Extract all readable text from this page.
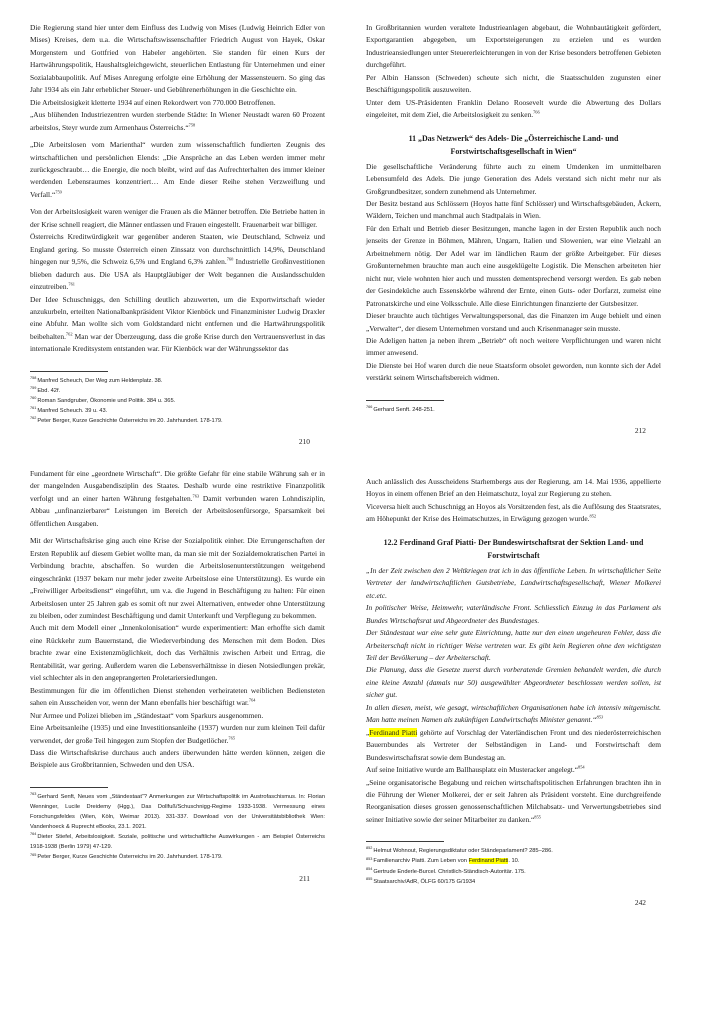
Die Regierung stand hier unter dem Einfluss des Ludwig von Mises (Ludwig Heinrich Edler von Mises) Kreises, dem u.a. die Wirtschaftswissenschaftler Friedrich August von Hayek, Oskar Morgenstern und Gottfried von Habeler angehörten. Sie standen für einen Kurs der Hartwährungspolitik, Haushaltsgleichgewicht, steuerlichen Entlastung für Unternehmen und einer Sozialabbaupolitik. Auf Mises Anregung erfolgte eine Erhöhung der Massensteuern. So ging das Jahr 1934 als ein Jahr erheblicher Steuer- und Gebührenerhöhungen in die Geschichte ein.
Die Arbeitslosigkeit kletterte 1934 auf einen Rekordwert von 770.000 Betroffenen.
„Aus blühenden Industriezentren wurden sterbende Städte: In Wiener Neustadt waren 60 Prozent arbeitslos, Steyr wurde zum Armenhaus Österreichs.“$^{758}$
„Die Arbeitslosen vom Marienthal“ wurden zum wissenschaftlich fundierten Zeugnis des wirtschaftlichen und persönlichen Elends: „Die Ansprüche an das Leben werden immer mehr zurückgeschraubt… die Energie, die noch bleibt, wird auf das Aufrechterhalten des immer kleiner werdenden Lebensraumes konzentriert… Am Ende dieser Reihe stehen Verzweiflung und Verfall.“$^{759}$
Von der Arbeitslosigkeit waren weniger die Frauen als die Männer betroffen. Die Betriebe hatten in der Krise schnell reagiert, die Männer entlassen und Frauen eingestellt. Frauenarbeit war billiger.
Österreichs Kreditwürdigkeit war gegenüber anderen Staaten, wie Deutschland, Schweiz und England gering. So musste Österreich einen Zinssatz von durchschnittlich 14,9%, Deutschland hingegen nur 9,5%, die Schweiz 6,5% und England 6,3% zahlen.$^{760}$ Industrielle Großinvestitionen blieben dadurch aus. Die USA als Hauptgläubiger der Welt begannen die Auslandsschulden einzutreiben.$^{761}$
Der Idee Schuschniggs, den Schilling deutlich abzuwerten, um die Exportwirtschaft wieder anzukurbeln, erteilten Nationalbankpräsident Viktor Kienböck und Finanzminister Ludwig Draxler eine Abfuhr. Man wollte sich vom Goldstandard nicht entfernen und die Hartwährungspolitik beibehalten.$^{762}$ Man war der Überzeugung, dass die große Krise durch den Vertrauensverlust in das internationale Kreditsystem entstanden war. Für Kienböck war der Währungssektor das
$^{758}$Manfred Scheuch, Der Weg zum Heldenplatz. 38.
$^{759}$Ebd. 42f.
$^{760}$Roman Sandgruber, Ökonomie und Politik. 384 u. 365.
$^{761}$Manfred Scheuch. 39 u. 43.
$^{762}$Peter Berger, Kurze Geschichte Österreichs im 20. Jahrhundert. 178-179.
210
In Großbritannien wurden veraltete Industrieanlagen abgebaut, die Wohnbautätigkeit gefördert, Exportgarantien abgegeben, um Exportsteigerungen zu erzielen und es wurden Industrieansiedlungen unter Steuererleichterungen in von der Krise besonders betroffenen Gebieten durchgeführt.
Per Albin Hansson (Schweden) scheute sich nicht, die Staatsschulden zugunsten einer Beschäftigungspolitik auszuweiten.
Unter dem US-Präsidenten Franklin Delano Roosevelt wurde die Abwertung des Dollars eingeleitet, mit dem Ziel, die Arbeitslosigkeit zu senken.$^{766}$
11 „Das Netzwerk“ des Adels- Die „Österreichische Land- und Forstwirtschaftsgesellschaft in Wien“
Die gesellschaftliche Veränderung führte auch zu einem Umdenken im unmittelbaren Lebensumfeld des Adels. Die junge Generation des Adels verstand sich nicht mehr nur als Großgrundbesitzer, sondern zunehmend als Unternehmer.
Der Besitz bestand aus Schlössern (Hoyos hatte fünf Schlösser) und Wirtschaftsgebäuden, Äckern, Wäldern, Teichen und manchmal auch Stadtpalais in Wien.
Für den Erhalt und Betrieb dieser Besitzungen, manche lagen in der Ersten Republik auch noch jenseits der Grenze in Böhmen, Mähren, Ungarn, Italien und Slowenien, war eine Vielzahl an Arbeitnehmern nötig. Der Adel war im ländlichen Raum der größte Arbeitgeber. Für dieses Großunternehmen brauchte man auch eine ausgeklügelte Logistik. Die Menschen arbeiteten hier nicht nur, viele wohnten hier auch und mussten dementsprechend versorgt werden. Es gab neben der Gesindeküche auch Essenskörbe während der Ernte, einen Guts- oder Dorfarzt, zumeist eine Patronatskirche und eine Volksschule. Alle diese Einrichtungen finanzierte der Gutsbesitzer.
Dieser brauchte auch tüchtiges Verwaltungspersonal, das die Finanzen im Auge behielt und einen „Verwalter“, der diesem Unternehmen vorstand und auch Krisenmanager sein musste.
Die Adeligen hatten ja neben ihrem „Betrieb“ oft noch weitere Verpflichtungen und waren nicht immer anwesend.
Die Dienste bei Hof waren durch die neue Staatsform obsolet geworden, nun konnte sich der Adel verstärkt seinem Wirtschaftsbereich widmen.
$^{766}$Gerhard Senft. 248-251.
212
Fundament für eine „geordnete Wirtschaft“. Die größte Gefahr für eine stabile Währung sah er in der mangelnden Ausgabendisziplin des Staates. Deshalb wurde eine restriktive Finanzpolitik verfolgt und an einer harten Währung festgehalten.$^{763}$ Damit verbunden waren Lohndisziplin, Abbau „unfinanzierbarer“ Leistungen im Bereich der Arbeitslosenfürsorge, Sparsamkeit bei öffentlichen Ausgaben.
Mit der Wirtschaftskrise ging auch eine Krise der Sozialpolitik einher. Die Errungenschaften der Ersten Republik auf diesem Gebiet wollte man, da man sie mit der Sozialdemokratischen Partei in Verbindung brachte, abschaffen. So wurden die Arbeitslosenunterstützungen weitgehend eingeschränkt (1937 bekam nur mehr jeder zweite Arbeitslose eine Unterstützung). Es wurde ein „Freiwilliger Arbeitsdienst“ eingeführt, um v.a. die Jugend in Beschäftigung zu halten: Für einen Arbeitslosen unter 25 Jahren gab es somit oft nur zwei Alternativen, entweder ohne Unterstützung zu bleiben, oder zumindest Beschäftigung und damit Unterkunft und Verpflegung zu bekommen.
Auch mit dem Modell einer „Innenkolonisation“ wurde experimentiert: Man erhoffte sich damit eine Rückkehr zum Bauernstand, die Wiederverbindung des Menschen mit dem Boden. Dies brachte zwar eine Existenzmöglichkeit, doch das Verhältnis zwischen Arbeit und Ertrag, die Rentabilität, war gering. Außerdem waren die Lebensverhältnisse in diesen Notsiedlungen prekär, viel schlechter als in den angeprangerten Proletariersiedlungen.
Bestimmungen für die im öffentlichen Dienst stehenden verheirateten weiblichen Bediensteten sahen ein Ausscheiden vor, wenn der Mann ebenfalls hier beschäftigt war.$^{764}$
Nur Armee und Polizei blieben im „Ständestaat“ vom Sparkurs ausgenommen.
Eine Arbeitsanleihe (1935) und eine Investitionsanleihe (1937) wurden nur zum kleinen Teil dafür verwendet, der große Teil hingegen zum Stopfen der Budgetlöcher.$^{765}$
Dass die Wirtschaftskrise durchaus auch anders überwunden hätte werden können, zeigen die Beispiele aus Großbritannien, Schweden und den USA.
$^{763}$Gerhard Senft, Neues vom „Ständestaat“? Anmerkungen zur Wirtschaftspolitik im Austrofaschismus. In: Florian Wenninger, Lucile Dreidemy (Hgg.), Das Dollfuß/Schuschnigg-Regime 1933-1938. Vermessung eines Forschungsfeldes (Wien, Köln, Weimar 2013). 331-337. Download von der Universitätsbibliothek Wien: Vandenhoeck & Ruprecht eBooks, 23.1. 2021.
$^{764}$Dieter Stiefel, Arbeitslosigkeit. Soziale, politische und wirtschaftliche Auswirkungen - am Beispiel Österreichs 1918-1938 (Berlin 1979) 47-129.
$^{765}$Peter Berger, Kurze Geschichte Österreichs im 20. Jahrhundert. 178-179.
211
Auch anlässlich des Ausscheidens Starhembergs aus der Regierung, am 14. Mai 1936, appellierte Hoyos in einem offenen Brief an den Heimatschutz, loyal zur Regierung zu stehen.
Viceversa hielt auch Schuschnigg an Hoyos als Vorsitzenden fest, als die Auflösung des Staatsrates, am Höhepunkt der Krise des Heimatschutzes, in Erwägung gezogen wurde.$^{852}$
12.2 Ferdinand Graf Piatti- Der Bundeswirtschaftsrat der Sektion Land- und Forstwirtschaft
„In der Zeit zwischen den 2 Weltkriegen trat ich in das öffentliche Leben. In wirtschaftlicher Seite Vertreter der landwirtschaftlichen Gutsbetriebe, Landwirtschaftsgesellschaft, Wiener Molkerei etc.etc.
In politischer Weise, Heimwehr, vaterländische Front. Schliesslich Einzug in das Parlament als Bundes Wirtschaftsrat und Abgeordneter des Bundestages.
Der Ständestaat war eine sehr gute Einrichtung, hatte nur den einen ungeheuren Fehler, dass die Arbeiterschaft nicht in richtiger Weise vertreten war. Es gibt kein Regieren ohne den wichtigsten Teil der Bevölkerung – der Arbeiterschaft.
Die Planung, dass die Gesetze zuerst durch vorberatende Gremien behandelt werden, die durch eine kleine Anzahl (damals nur 50) ausgewählter Abgeordneter beschlossen werden sollen, ist sicher gut.
In allen diesen, meist, wie gesagt, wirtschaftlichen Organisationen habe ich intensiv mitgemischt. Man hatte meinen Namen als zukünftigen Landwirtschafts Minister genannt.“$^{853}$
„Ferdinand Piatti gehörte auf Vorschlag der Vaterländischen Front und des niederösterreichischen Bauernbundes als Vertreter der Selbständigen in Land- und Forstwirtschaft dem Bundeswirtschaftsrat sowie dem Bundestag an.
Auf seine Initiative wurde am Ballhausplatz ein Musteracker angelegt.“$^{854}$
„Seine organisatorische Begabung und reichen wirtschaftspolitischen Erfahrungen brachten ihn in die Führung der Wiener Molkerei, der er seit Jahren als Präsident vorsteht. Eine durchgreifende Reorganisation dieses grossen genossenschaftlichen Milchabsatz- und Verwertungsbetriebes sind seiner Initiative sowie der seiner Mitarbeiter zu danken.“$^{855}$
$^{852}$Helmut Wohnout, Regierungsdiktatur oder Ständeparlament? 285–286.
$^{853}$Familienarchiv Piatti. Zum Leben von Ferdinand Piatti. 10.
$^{854}$Gertrude Enderle-Burcel. Christlich-Ständisch-Autoritär. 175.
$^{855}$Staatsarchiv/AdR, ÖLFG 60/175 G/1934
242
